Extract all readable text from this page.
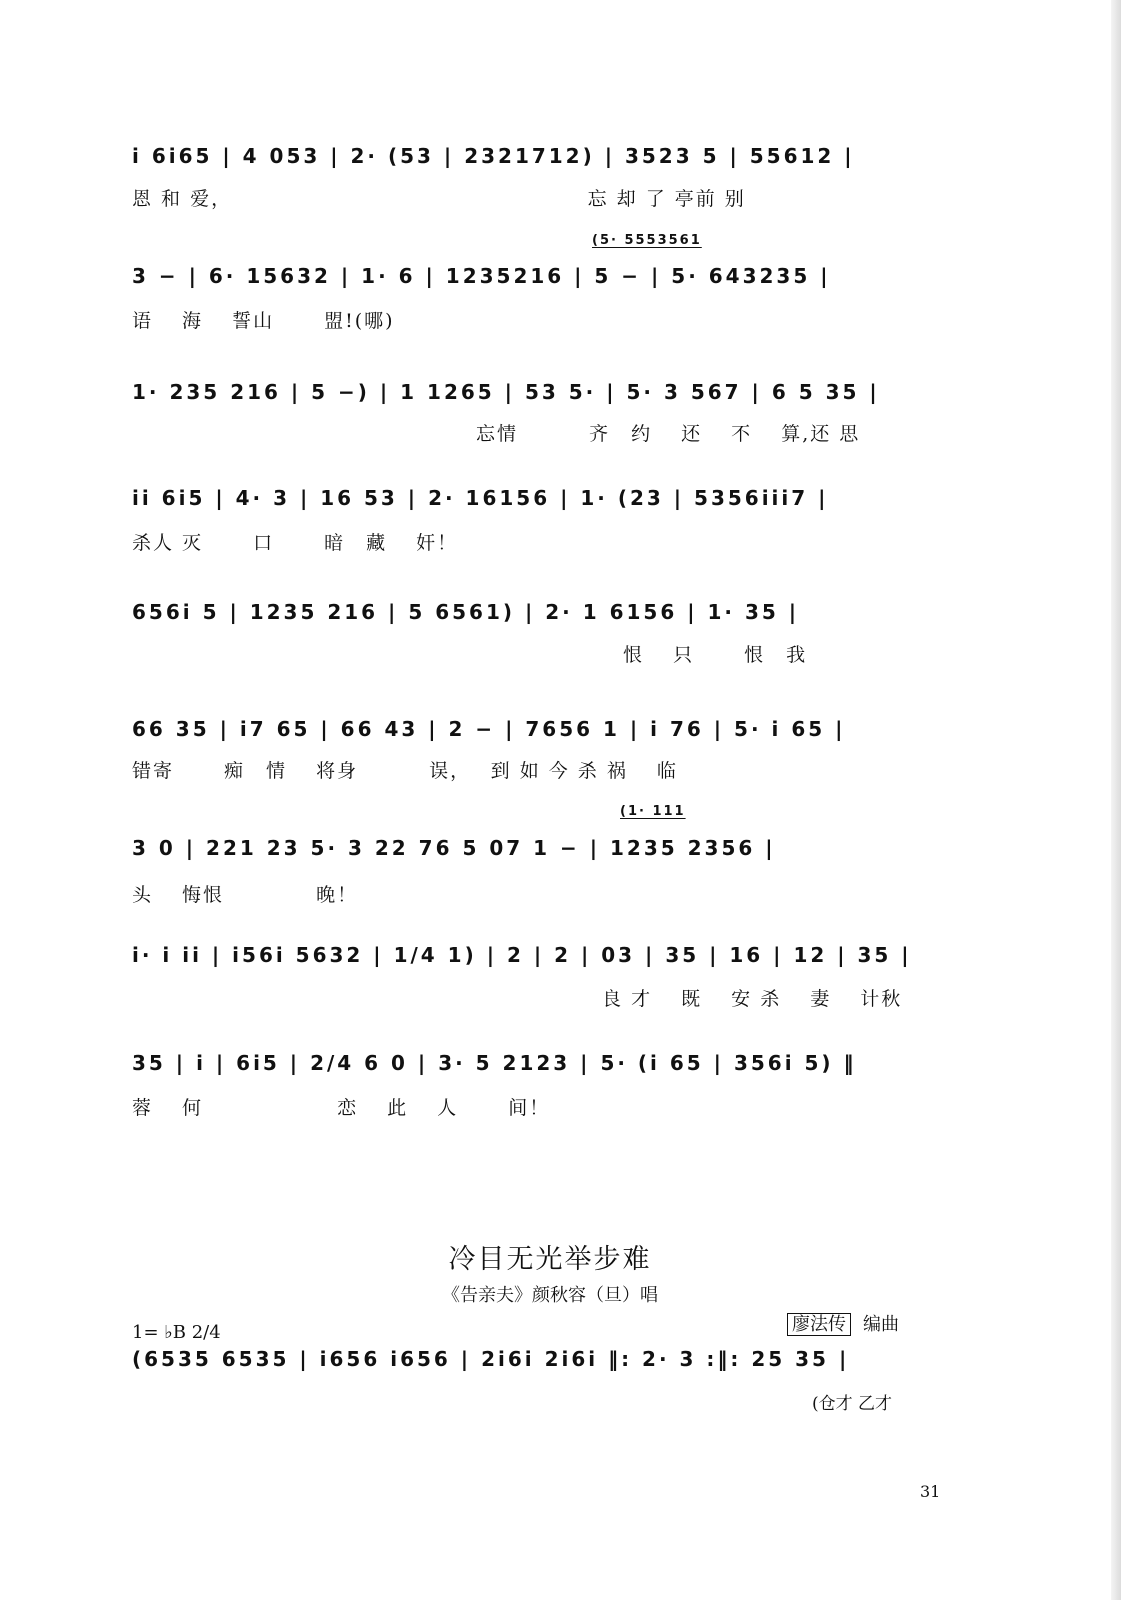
i 6i65 | 4 053 | 2· (53 | 2321712) | 3523 5 | 55612 |
恩 和 爱，　　　　　　　　　　　　　　　　　 忘 却 了 亭前 别
(5· 5553561
3 − | 6· 15632 | 1· 6 | 1235216 | 5 − | 5· 643235 |
语　 海　 誓山　　 盟!(哪)
1· 235 216 | 5 −) | 1 1265 | 53 5· | 5· 3 567 | 6 5 35 |
　　　　　　　　　　　　　　　　 忘情　　　 齐　约　 还　 不　 算,还 思
ii 6i5 | 4· 3 | 16 53 | 2· 16156 | 1· (23 | 5356iii7 |
杀人 灭　　 口　　 暗　藏　 奸！
656i 5 | 1235 216 | 5 6561) | 2· 1 6156 | 1· 35 |
　　　　　　　　　　　　　　　　　　　　　　　 恨　 只　　 恨　我
66 35 | i7 65 | 66 43 | 2 − | 7656 1 | i 76 | 5· i 65 |
错寄　　 痴　情　 将身　　　 误，　 到 如 今 杀 祸　 临
(1· 111
3 0 | 221 23 5· 3 22 76 5 07 1 − | 1235 2356 |
头　 悔恨　　　　 晚！
i· i ii | i56i 5632 | 1/4 1) | 2 | 2 | 03 | 35 | 16 | 12 | 35 |
　　　　　　　　　　　　　　　　　　　　　　 良 才　 既　 安 杀　 妻　 计秋
35 | i | 6i5 | 2/4 6 0 | 3· 5 2123 | 5· (i 65 | 356i 5) ‖
蓉　 何　　　　　　 恋　 此　 人　　 间！
冷目无光举步难
《告亲夫》颜秋容（旦）唱
1= ♭B 2/4	廖法传 编曲
(6535 6535 | i656 i656 | 2i6i 2i6i ‖: 2· 3 :‖: 25 35 |
(仓才 乙才
31
